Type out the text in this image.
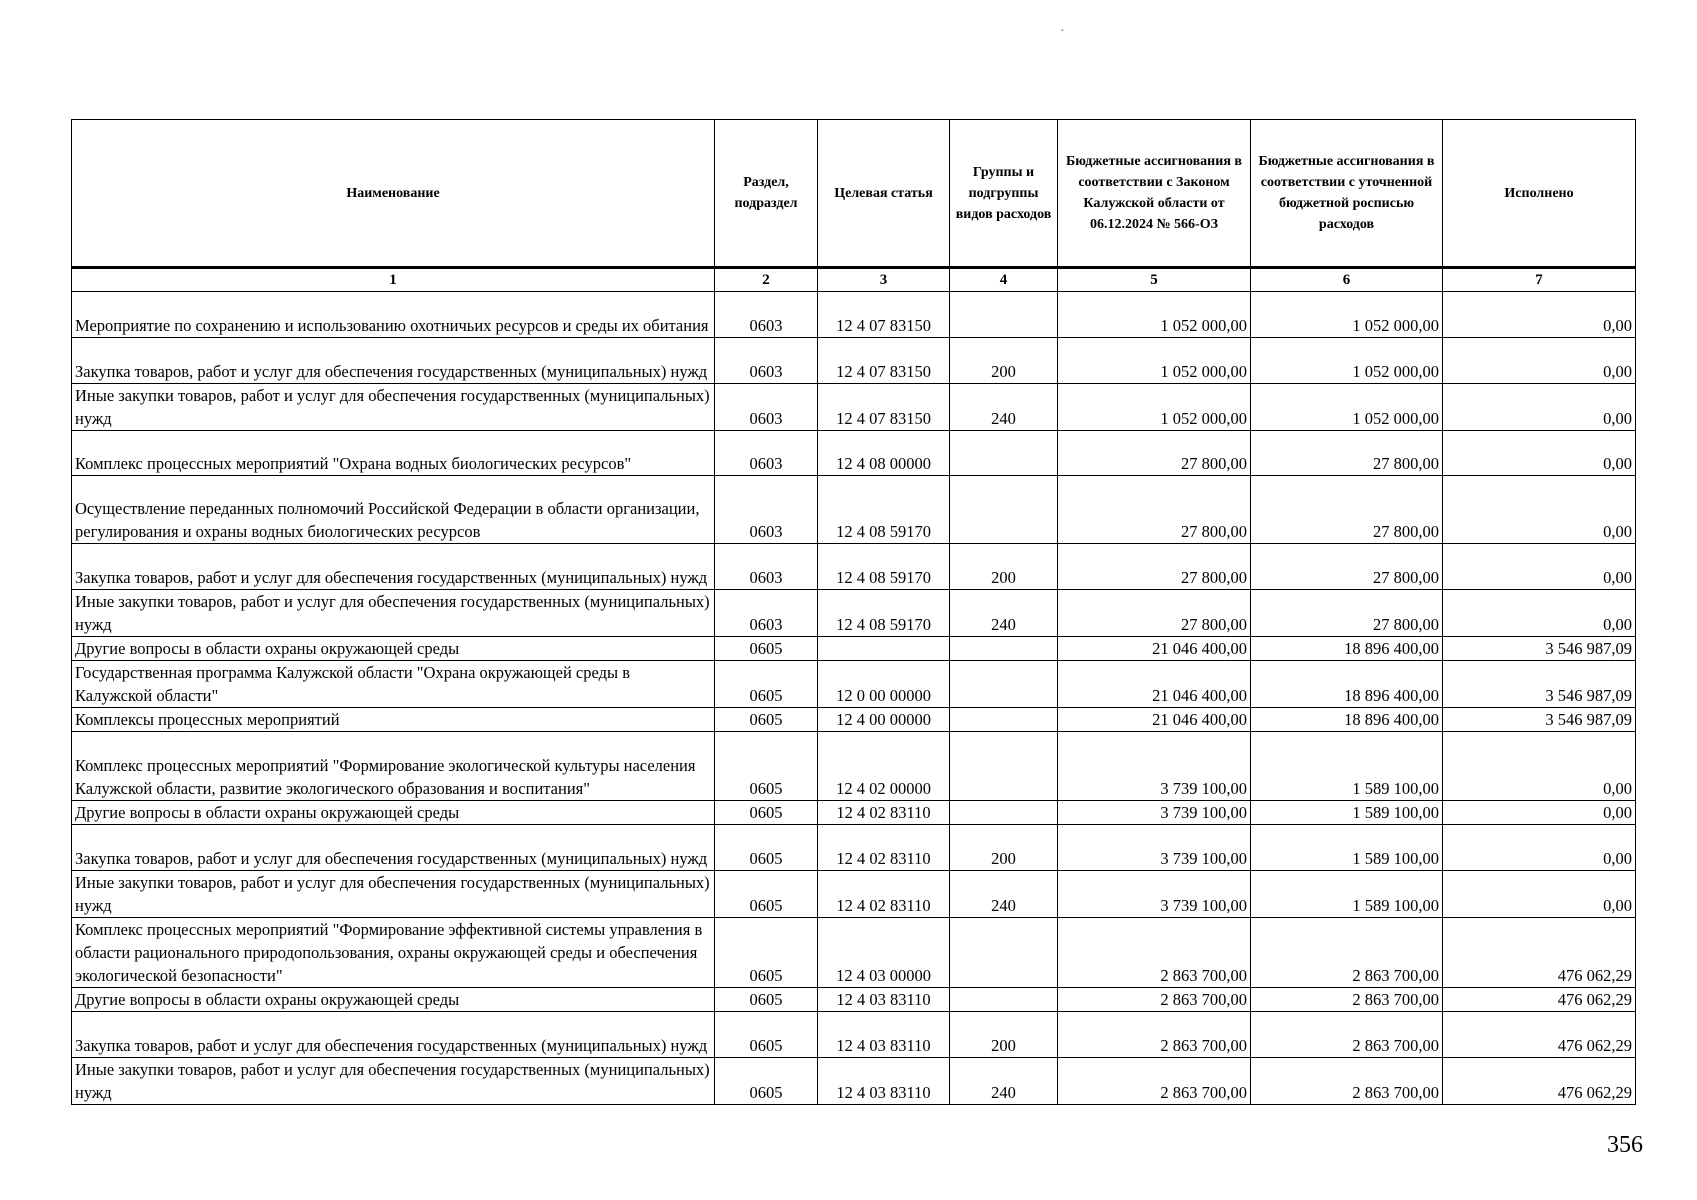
·
Наименование	Раздел, подраздел	Целевая статья	Группы и подгруппы видов расходов	Бюджетные ассигнования в соответствии с Законом Калужской области от 06.12.2024 № 566-ОЗ	Бюджетные ассигнования в соответствии с уточненной бюджетной росписью расходов	Исполнено
1	2	3	4	5	6	7
Мероприятие по сохранению и использованию охотничьих ресурсов и среды их обитания	0603	12 4 07 83150		1 052 000,00	1 052 000,00	0,00
Закупка товаров, работ и услуг для обеспечения государственных (муниципальных) нужд	0603	12 4 07 83150	200	1 052 000,00	1 052 000,00	0,00
Иные закупки товаров, работ и услуг для обеспечения государственных (муниципальных) нужд	0603	12 4 07 83150	240	1 052 000,00	1 052 000,00	0,00
Комплекс процессных мероприятий "Охрана водных биологических ресурсов"	0603	12 4 08 00000		27 800,00	27 800,00	0,00
Осуществление переданных полномочий Российской Федерации в области организации, регулирования и охраны водных биологических ресурсов	0603	12 4 08 59170		27 800,00	27 800,00	0,00
Закупка товаров, работ и услуг для обеспечения государственных (муниципальных) нужд	0603	12 4 08 59170	200	27 800,00	27 800,00	0,00
Иные закупки товаров, работ и услуг для обеспечения государственных (муниципальных) нужд	0603	12 4 08 59170	240	27 800,00	27 800,00	0,00
Другие вопросы в области охраны окружающей среды	0605			21 046 400,00	18 896 400,00	3 546 987,09
Государственная программа Калужской области "Охрана окружающей среды в Калужской области"	0605	12 0 00 00000		21 046 400,00	18 896 400,00	3 546 987,09
Комплексы процессных мероприятий	0605	12 4 00 00000		21 046 400,00	18 896 400,00	3 546 987,09
Комплекс процессных мероприятий "Формирование экологической культуры населения Калужской области, развитие экологического образования и воспитания"	0605	12 4 02 00000		3 739 100,00	1 589 100,00	0,00
Другие вопросы в области охраны окружающей среды	0605	12 4 02 83110		3 739 100,00	1 589 100,00	0,00
Закупка товаров, работ и услуг для обеспечения государственных (муниципальных) нужд	0605	12 4 02 83110	200	3 739 100,00	1 589 100,00	0,00
Иные закупки товаров, работ и услуг для обеспечения государственных (муниципальных) нужд	0605	12 4 02 83110	240	3 739 100,00	1 589 100,00	0,00
Комплекс процессных мероприятий "Формирование эффективной системы управления в области рационального природопользования, охраны окружающей среды и обеспечения экологической безопасности"	0605	12 4 03 00000		2 863 700,00	2 863 700,00	476 062,29
Другие вопросы в области охраны окружающей среды	0605	12 4 03 83110		2 863 700,00	2 863 700,00	476 062,29
Закупка товаров, работ и услуг для обеспечения государственных (муниципальных) нужд	0605	12 4 03 83110	200	2 863 700,00	2 863 700,00	476 062,29
Иные закупки товаров, работ и услуг для обеспечения государственных (муниципальных) нужд	0605	12 4 03 83110	240	2 863 700,00	2 863 700,00	476 062,29
356
